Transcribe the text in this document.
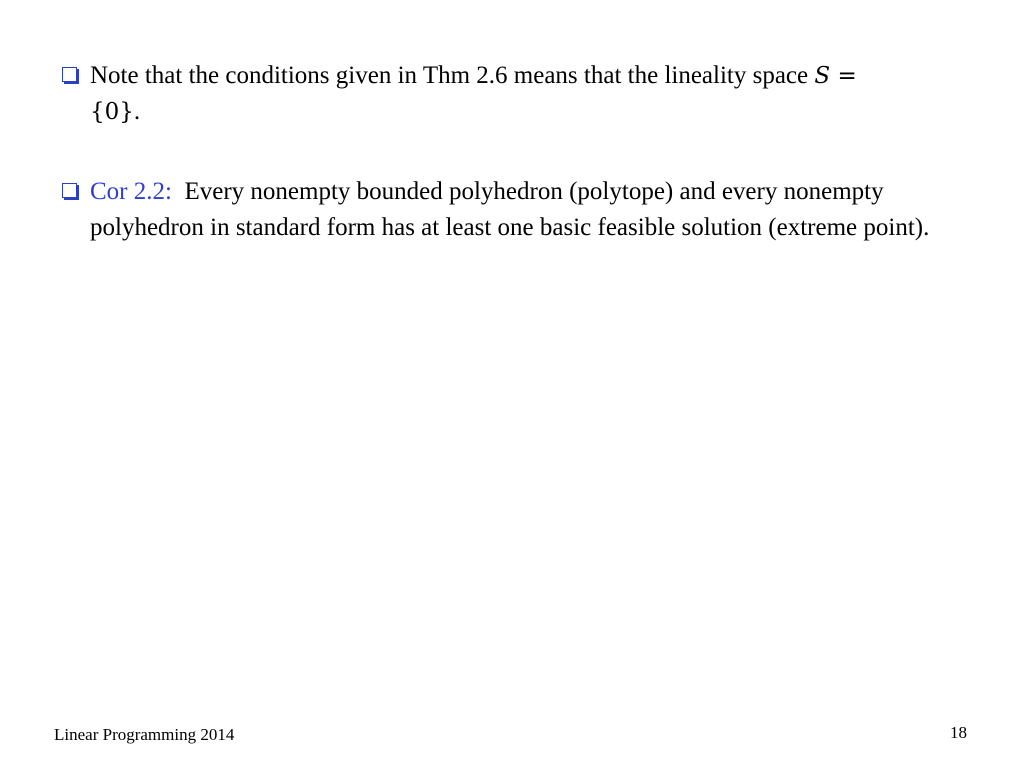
Note that the conditions given in Thm 2.6 means that the lineality space S =
{0}.
Cor 2.2:  Every nonempty bounded polyhedron (polytope) and every nonempty polyhedron in standard form has at least one basic feasible solution (extreme point).
Linear Programming 2014	18
